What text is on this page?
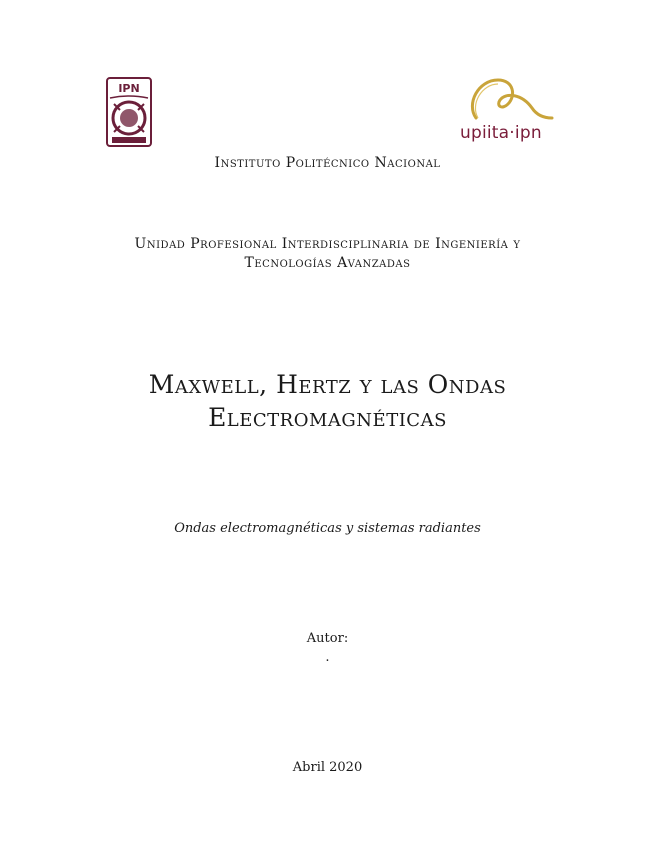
IPN
upiita·ipn
Instituto Politécnico Nacional
Unidad Profesional Interdisciplinaria de Ingeniería y
Tecnologías Avanzadas
Maxwell, Hertz y las Ondas
Electromagnéticas
Ondas electromagnéticas y sistemas radiantes
Autor:
.
Abril 2020
